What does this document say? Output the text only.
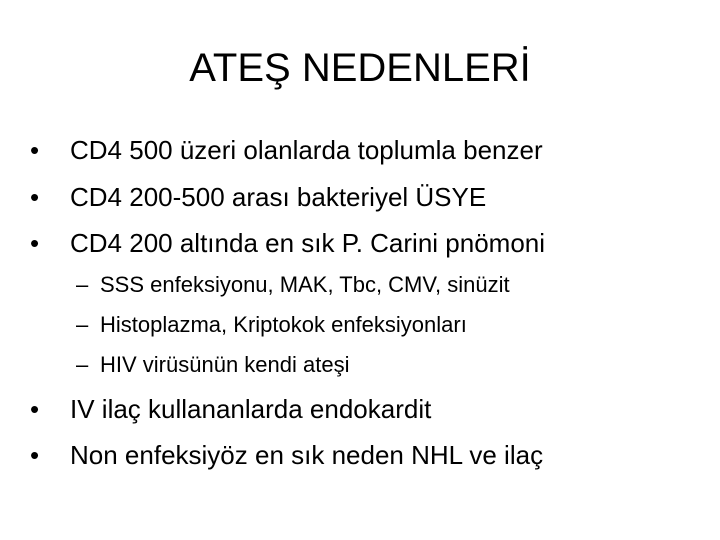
ATEŞ NEDENLERİ
• CD4 500 üzeri olanlarda toplumla benzer
• CD4 200-500 arası bakteriyel ÜSYE
• CD4 200 altında en sık P. Carini pnömoni
– SSS enfeksiyonu, MAK, Tbc, CMV, sinüzit
– Histoplazma, Kriptokok enfeksiyonları
– HIV virüsünün kendi ateşi
• IV ilaç kullananlarda endokardit
• Non enfeksiyöz en sık neden NHL ve ilaç
